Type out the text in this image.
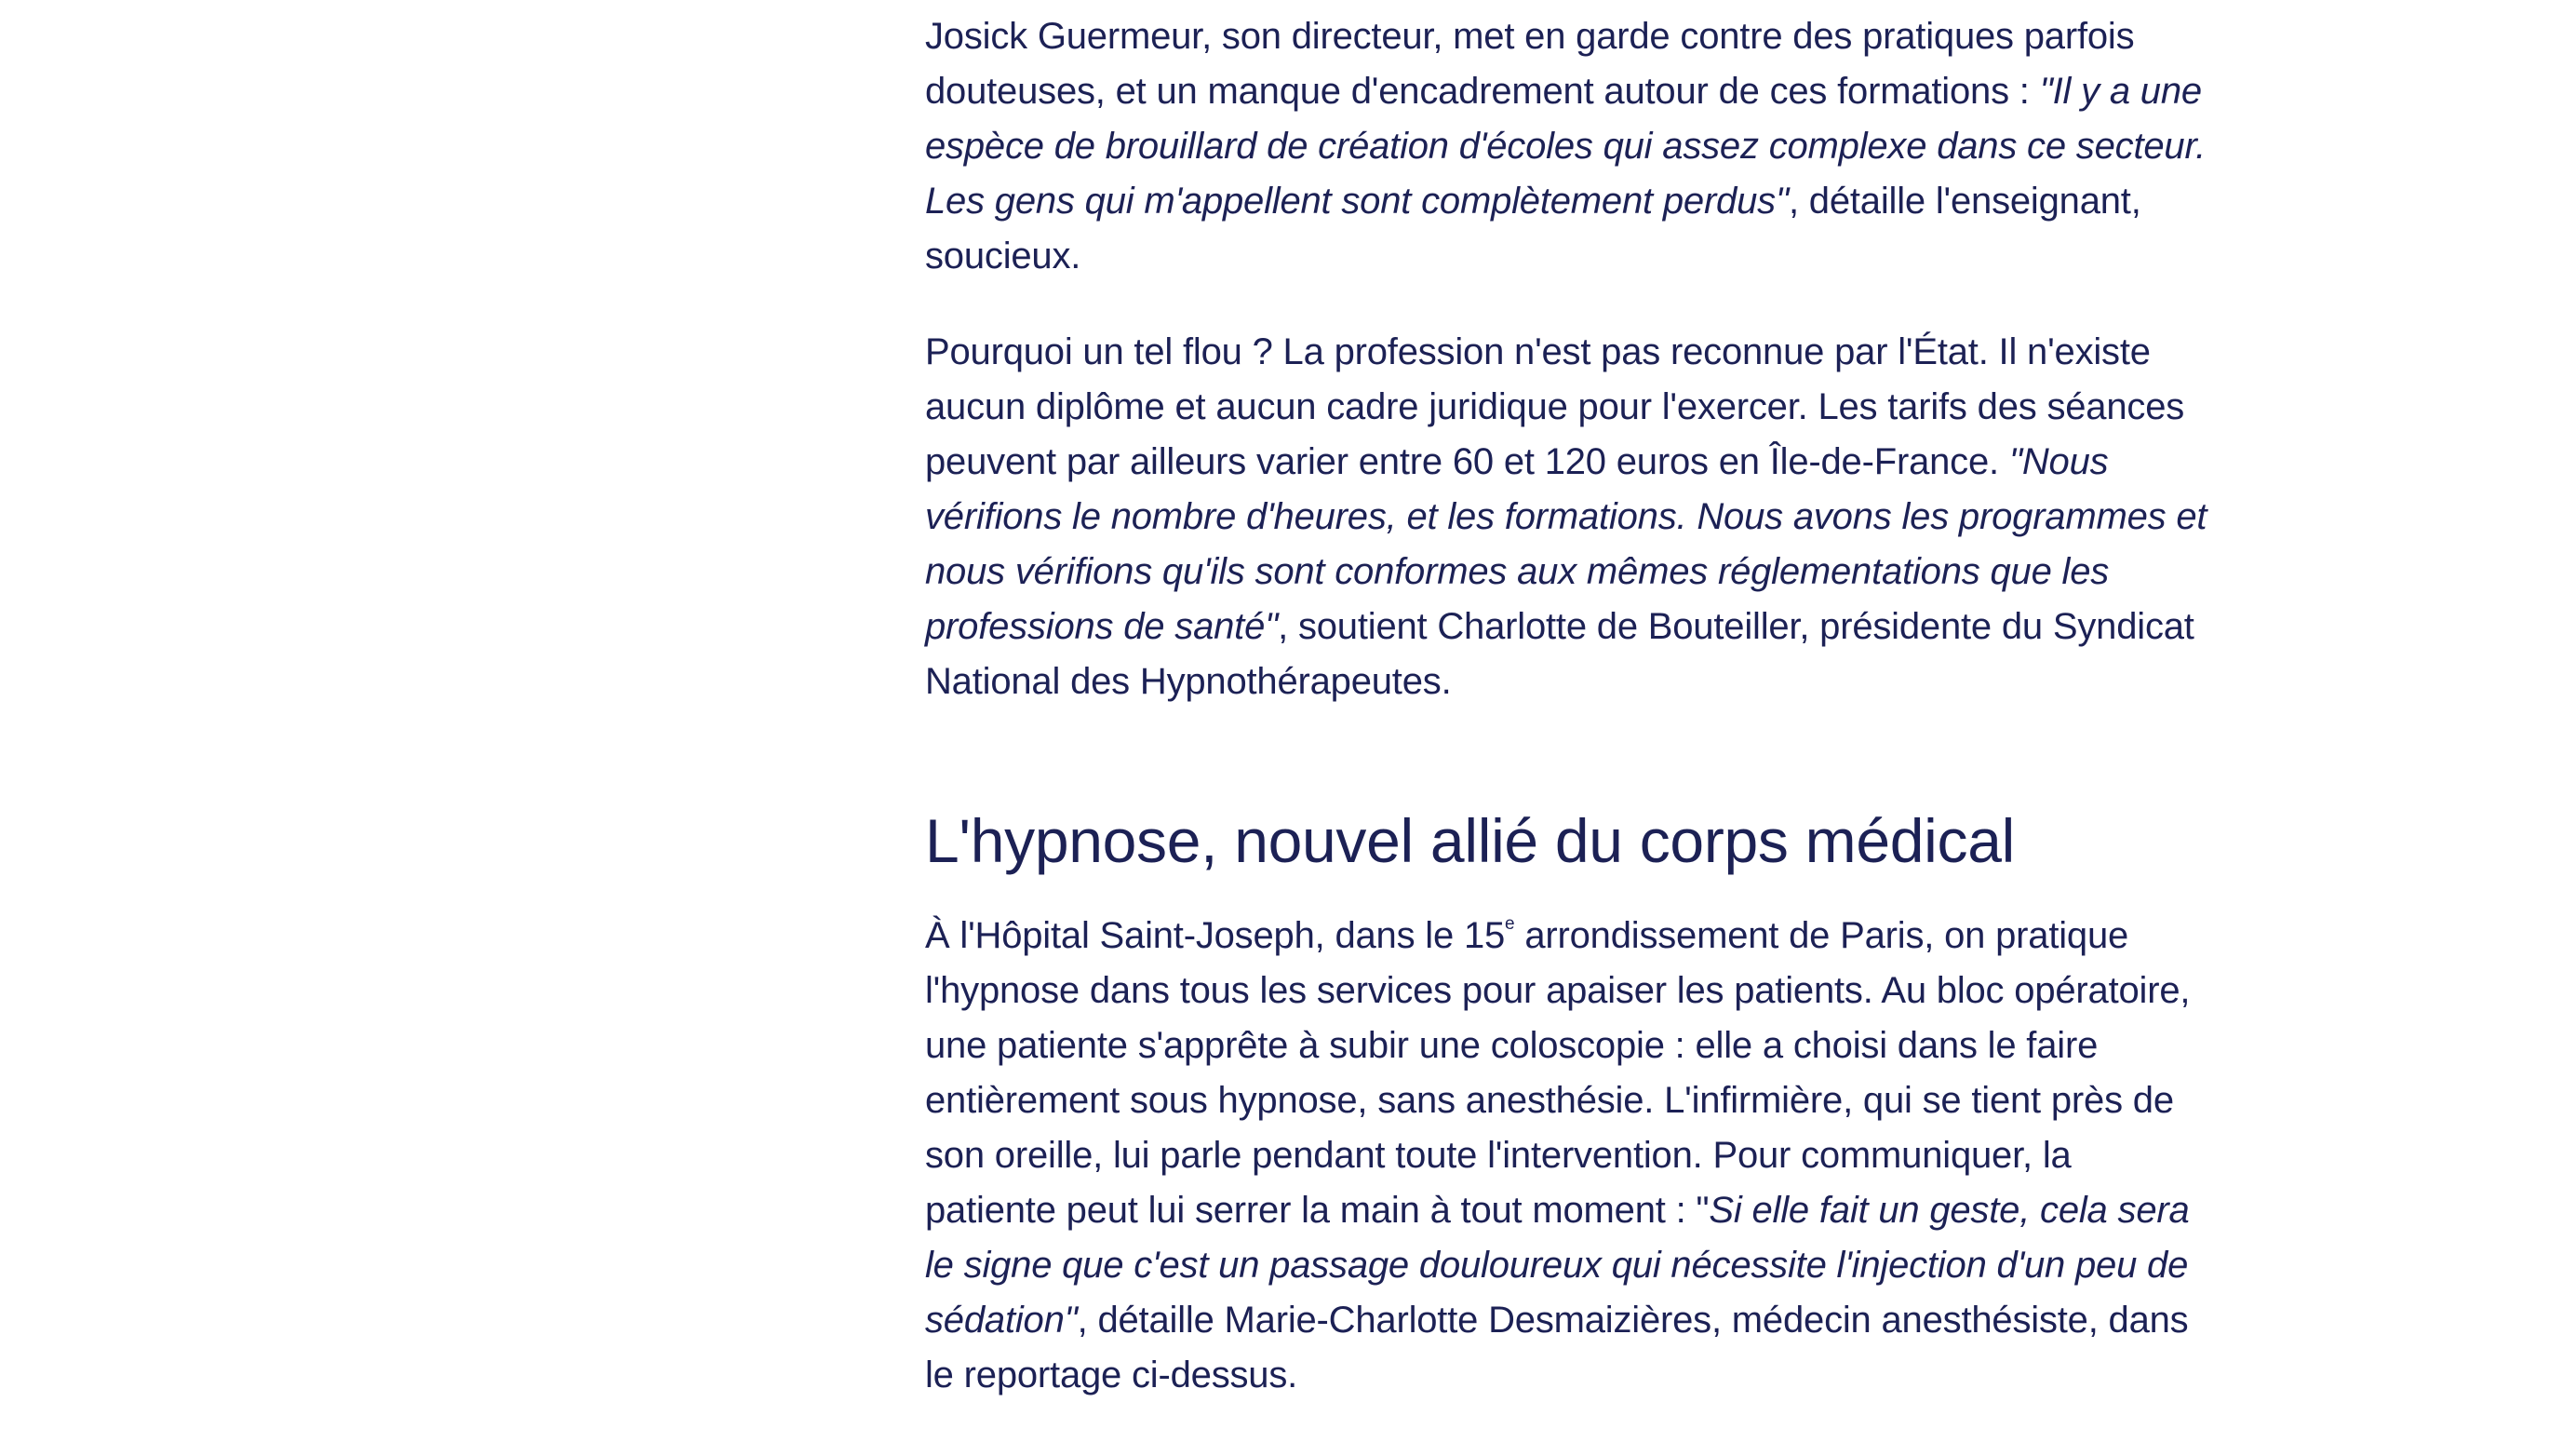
Josick Guermeur, son directeur, met en garde contre des pratiques parfois douteuses, et un manque d'encadrement autour de ces formations : "Il y a une espèce de brouillard de création d'écoles qui assez complexe dans ce secteur. Les gens qui m'appellent sont complètement perdus", détaille l'enseignant, soucieux.

Pourquoi un tel flou ? La profession n'est pas reconnue par l'État. Il n'existe aucun diplôme et aucun cadre juridique pour l'exercer. Les tarifs des séances peuvent par ailleurs varier entre 60 et 120 euros en Île-de-France. "Nous vérifions le nombre d'heures, et les formations. Nous avons les programmes et nous vérifions qu'ils sont conformes aux mêmes réglementations que les professions de santé", soutient Charlotte de Bouteiller, présidente du Syndicat National des Hypnothérapeutes.

L'hypnose, nouvel allié du corps médical

À l'Hôpital Saint-Joseph, dans le 15e arrondissement de Paris, on pratique l'hypnose dans tous les services pour apaiser les patients. Au bloc opératoire, une patiente s'apprête à subir une coloscopie : elle a choisi dans le faire entièrement sous hypnose, sans anesthésie. L'infirmière, qui se tient près de son oreille, lui parle pendant toute l'intervention. Pour communiquer, la patiente peut lui serrer la main à tout moment : "Si elle fait un geste, cela sera le signe que c'est un passage douloureux qui nécessite l'injection d'un peu de sédation", détaille Marie-Charlotte Desmaizières, médecin anesthésiste, dans le reportage ci-dessus.
